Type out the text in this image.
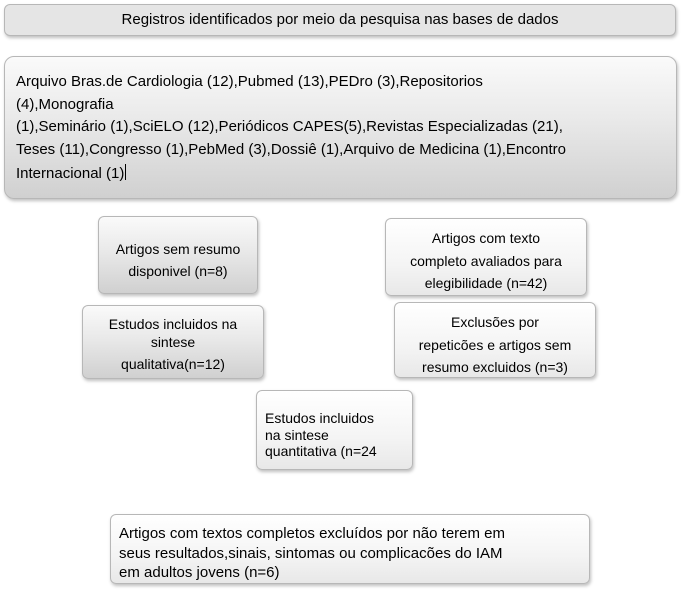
Registros identificados por meio da pesquisa nas bases de dados
Arquivo Bras.de Cardiologia (12),Pubmed (13),PEDro (3),Repositorios
(4),Monografia
(1),Seminário (1),SciELO (12),Periódicos CAPES(5),Revistas Especializadas (21),
Teses (11),Congresso (1),PebMed (3),Dossiê (1),Arquivo de Medicina (1),Encontro
Internacional (1)
Artigos sem resumo
disponivel (n=8)
Artigos com texto
completo avaliados para
elegibilidade (n=42)
Estudos incluidos na
sintese
qualitativa(n=12)
Exclusões por
repeticões e artigos sem
resumo excluidos (n=3)
Estudos incluidos
na sintese
quantitativa (n=24
Artigos com textos completos excluídos por não terem em
seus resultados,sinais, sintomas ou complicacões do IAM
em adultos jovens (n=6)
